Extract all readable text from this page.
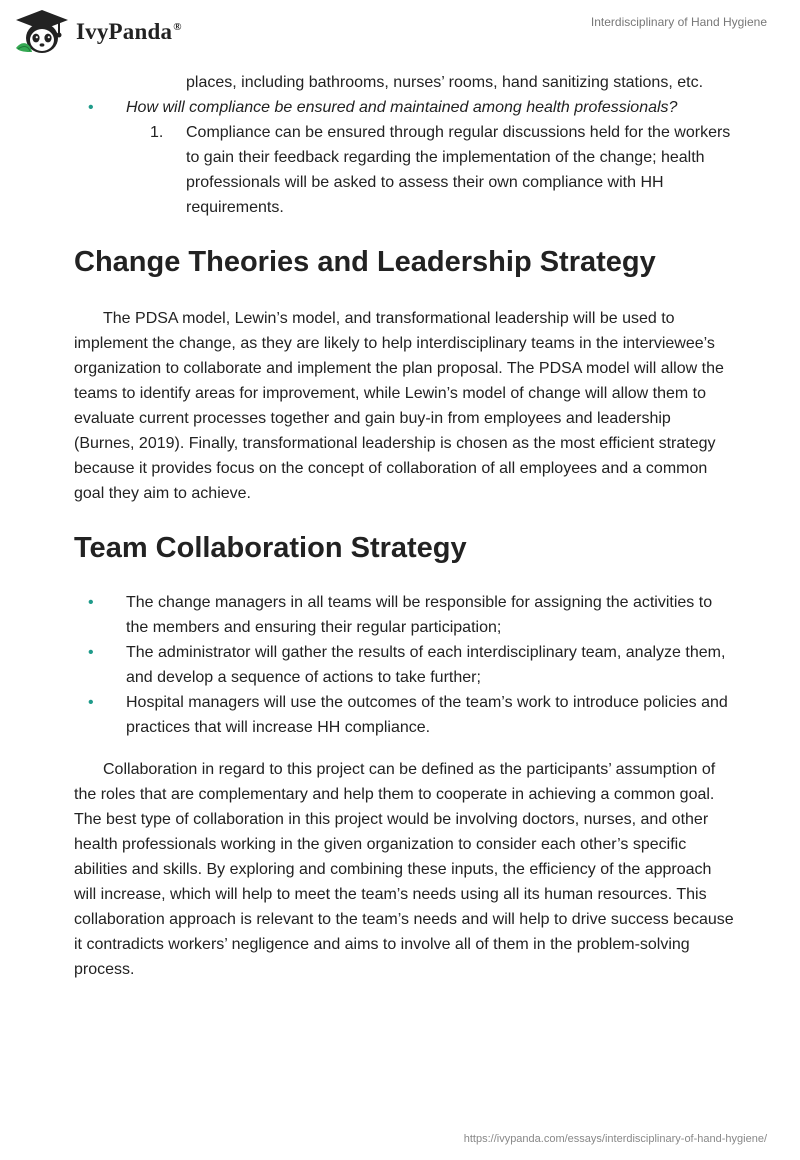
IvyPanda®	Interdisciplinary of Hand Hygiene
places, including bathrooms, nurses’ rooms, hand sanitizing stations, etc.
• How will compliance be ensured and maintained among health professionals?
1. Compliance can be ensured through regular discussions held for the workers to gain their feedback regarding the implementation of the change; health professionals will be asked to assess their own compliance with HH requirements.
Change Theories and Leadership Strategy

The PDSA model, Lewin’s model, and transformational leadership will be used to implement the change, as they are likely to help interdisciplinary teams in the interviewee’s organization to collaborate and implement the plan proposal. The PDSA model will allow the teams to identify areas for improvement, while Lewin’s model of change will allow them to evaluate current processes together and gain buy-in from employees and leadership (Burnes, 2019). Finally, transformational leadership is chosen as the most efficient strategy because it provides focus on the concept of collaboration of all employees and a common goal they aim to achieve.

Team Collaboration Strategy
• The change managers in all teams will be responsible for assigning the activities to the members and ensuring their regular participation;
• The administrator will gather the results of each interdisciplinary team, analyze them, and develop a sequence of actions to take further;
• Hospital managers will use the outcomes of the team’s work to introduce policies and practices that will increase HH compliance.

Collaboration in regard to this project can be defined as the participants’ assumption of the roles that are complementary and help them to cooperate in achieving a common goal. The best type of collaboration in this project would be involving doctors, nurses, and other health professionals working in the given organization to consider each other’s specific abilities and skills. By exploring and combining these inputs, the efficiency of the approach will increase, which will help to meet the team’s needs using all its human resources. This collaboration approach is relevant to the team’s needs and will help to drive success because it contradicts workers’ negligence and aims to involve all of them in the problem-solving process.

https://ivypanda.com/essays/interdisciplinary-of-hand-hygiene/
